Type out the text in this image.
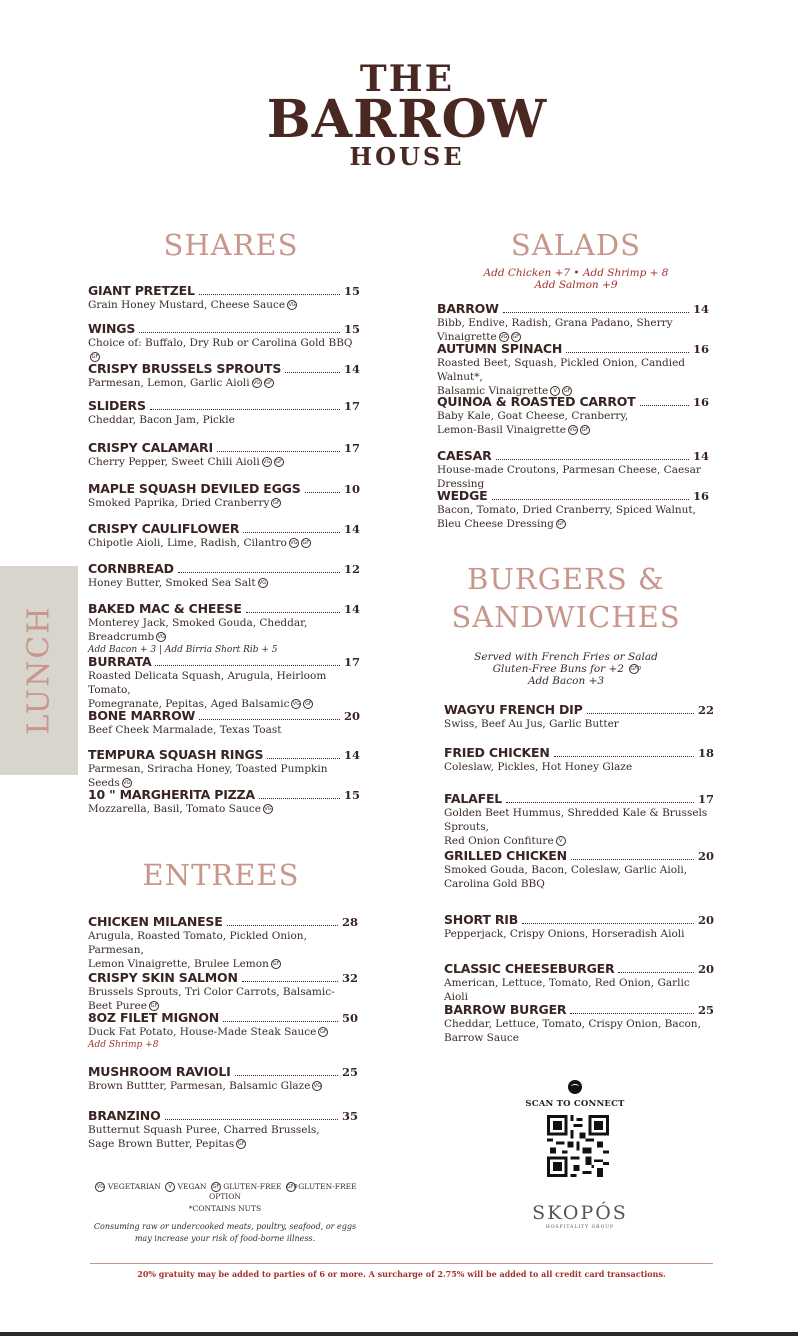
THE
BARROW
HOUSE
LUNCH
SHARES
ENTREES
SALADS
Add Chicken +7 • Add Shrimp + 8
Add Salmon +9
BURGERS &
SANDWICHES
Served with French Fries or Salad
Gluten-Free Buns for +2 GFO
Add Bacon +3
GIANT PRETZEL	15
Grain Honey Mustard, Cheese Sauce VG
WINGS	15
Choice of: Buffalo, Dry Rub or Carolina Gold BBQGF
CRISPY BRUSSELS SPROUTS	14
Parmesan, Lemon, Garlic Aioli VG GF
SLIDERS	17
Cheddar, Bacon Jam, Pickle
CRISPY CALAMARI	17
Cherry Pepper, Sweet Chili Aioli VG GF
MAPLE SQUASH DEVILED EGGS	10
Smoked Paprika, Dried Cranberry GF
CRISPY CAULIFLOWER	14
Chipotle Aioli, Lime, Radish, Cilantro VG GF
CORNBREAD	12
Honey Butter, Smoked Sea Salt VG
BAKED MAC & CHEESE	14
Monterey Jack, Smoked Gouda, Cheddar, Breadcrumb VG
Add Bacon + 3 | Add Birria Short Rib + 5
BURRATA	17
Roasted Delicata Squash, Arugula, Heirloom Tomato,
Pomegranate, Pepitas, Aged Balsamic VG GF
BONE MARROW	20
Beef Cheek Marmalade, Texas Toast
TEMPURA SQUASH RINGS	14
Parmesan, Sriracha Honey, Toasted Pumpkin Seeds VG
10 " MARGHERITA PIZZA	15
Mozzarella, Basil, Tomato Sauce VG
CHICKEN MILANESE	28
Arugula, Roasted Tomato, Pickled Onion, Parmesan,
Lemon Vinaigrette, Brulee Lemon GF
CRISPY SKIN SALMON	32
Brussels Sprouts, Tri Color Carrots, Balsamic-Beet Puree GF
8OZ FILET MIGNON	50
Duck Fat Potato, House-Made Steak Sauce GF
Add Shrimp +8
MUSHROOM RAVIOLI	25
Brown Buttter, Parmesan, Balsamic Glaze VG
BRANZINO	35
Butternut Squash Puree, Charred Brussels,
Sage Brown Butter, Pepitas GF
BARROW	14
Bibb, Endive, Radish, Grana Padano, Sherry Vinaigrette VG GF
AUTUMN SPINACH	16
Roasted Beet, Squash, Pickled Onion, Candied Walnut*,
Balsamic Vinaigrette V GF
QUINOA & ROASTED CARROT	16
Baby Kale, Goat Cheese, Cranberry,
Lemon-Basil Vinaigrette VG GF
CAESAR	14
House-made Croutons, Parmesan Cheese, Caesar Dressing
WEDGE	16
Bacon, Tomato, Dried Cranberry, Spiced Walnut,
Bleu Cheese Dressing GF
WAGYU FRENCH DIP	22
Swiss, Beef Au Jus, Garlic Butter
FRIED CHICKEN	18
Coleslaw, Pickles, Hot Honey Glaze
FALAFEL	17
Golden Beet Hummus, Shredded Kale & Brussels Sprouts,
Red Onion Confiture V
GRILLED CHICKEN	20
Smoked Gouda, Bacon, Coleslaw, Garlic Aioli,
Carolina Gold BBQ
SHORT RIB	20
Pepperjack, Crispy Onions, Horseradish Aioli
CLASSIC CHEESEBURGER	20
American, Lettuce, Tomato, Red Onion, Garlic Aioli
BARROW BURGER	25
Cheddar, Lettuce, Tomato, Crispy Onion, Bacon,
Barrow Sauce
VG VEGETARIAN V VEGAN GF GLUTEN-FREE GFO GLUTEN-FREE OPTION
*CONTAINS NUTS
Consuming raw or undercooked meats, poultry, seafood, or eggs
may increase your risk of food-borne illness.
SCAN TO CONNECT
SKOPÓS
HOSPITALITY GROUP
20% gratuity may be added to parties of 6 or more. A surcharge of 2.75% will be added to all credit card transactions.
